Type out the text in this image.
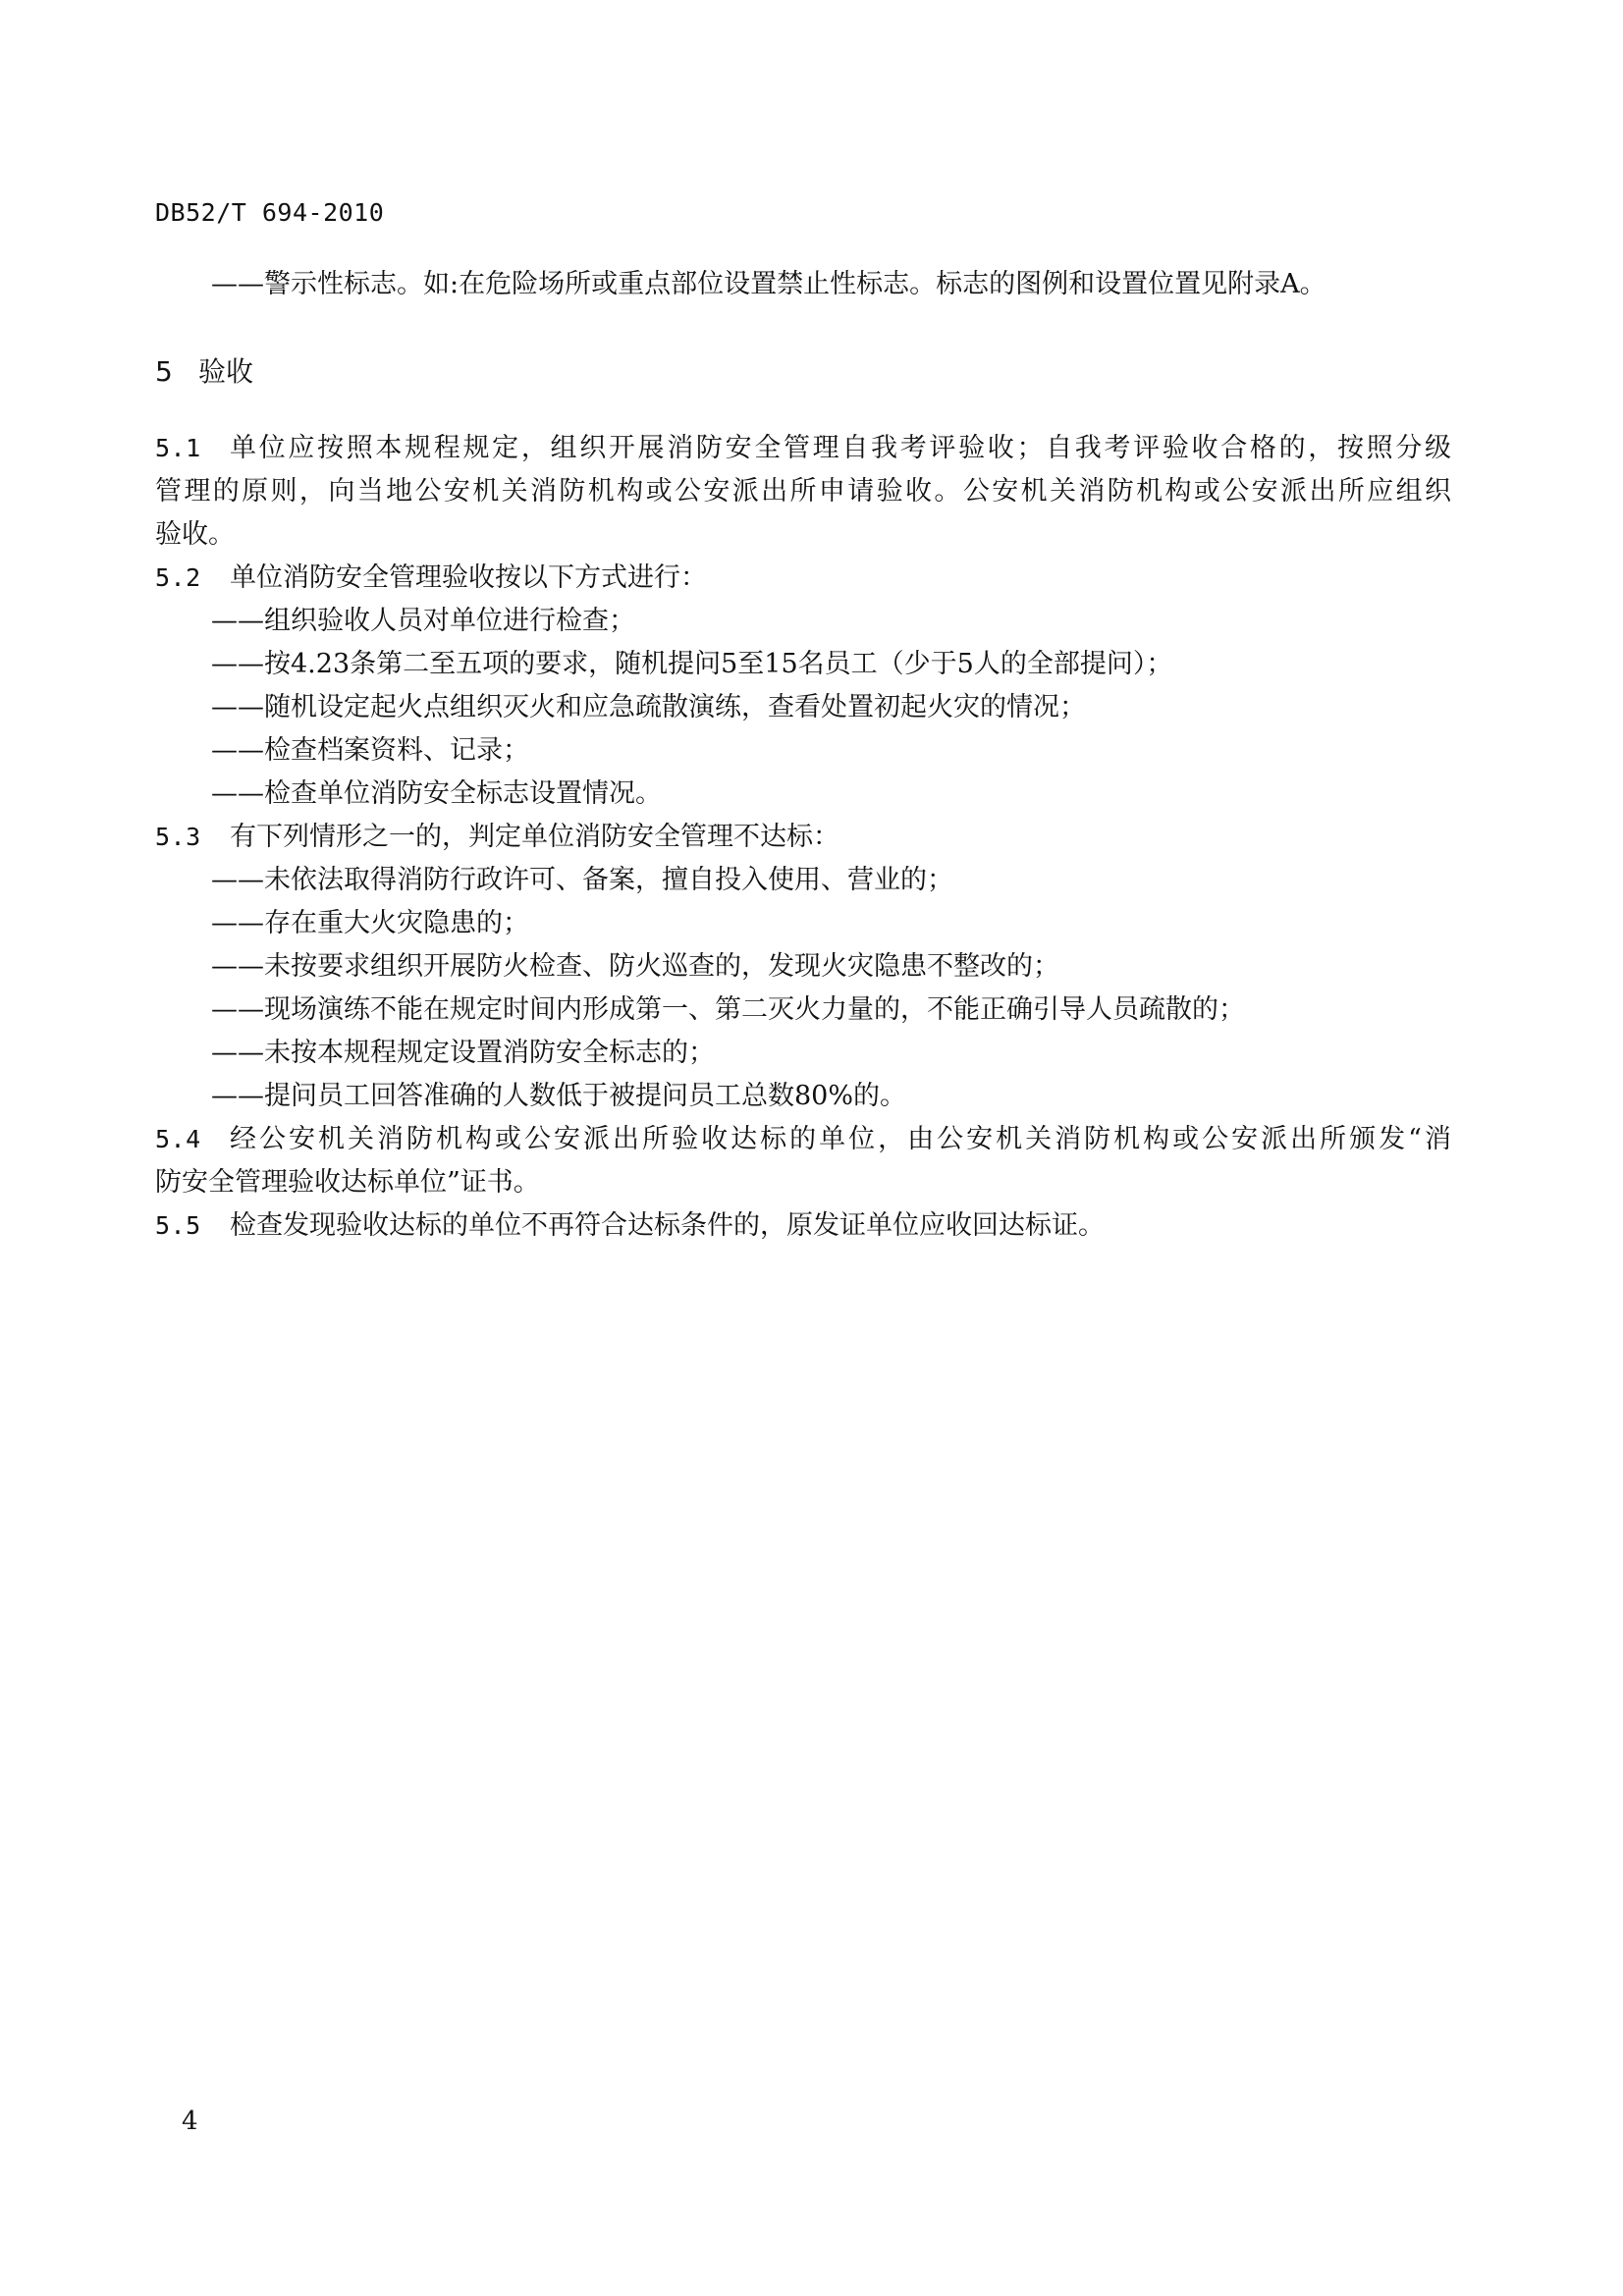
DB52/T 694-2010
——警示性标志。如:在危险场所或重点部位设置禁止性标志。标志的图例和设置位置见附录A。
5 验收
5.1	单位应按照本规程规定，组织开展消防安全管理自我考评验收；自我考评验收合格的，按照分级
管理的原则，向当地公安机关消防机构或公安派出所申请验收。公安机关消防机构或公安派出所应组织
验收。
5.2	单位消防安全管理验收按以下方式进行：
——组织验收人员对单位进行检查；
——按4.23条第二至五项的要求，随机提问5至15名员工（少于5人的全部提问）；
——随机设定起火点组织灭火和应急疏散演练，查看处置初起火灾的情况；
——检查档案资料、记录；
——检查单位消防安全标志设置情况。
5.3	有下列情形之一的，判定单位消防安全管理不达标：
——未依法取得消防行政许可、备案，擅自投入使用、营业的；
——存在重大火灾隐患的；
——未按要求组织开展防火检查、防火巡查的，发现火灾隐患不整改的；
——现场演练不能在规定时间内形成第一、第二灭火力量的，不能正确引导人员疏散的；
——未按本规程规定设置消防安全标志的；
——提问员工回答准确的人数低于被提问员工总数80%的。
5.4	经公安机关消防机构或公安派出所验收达标的单位，由公安机关消防机构或公安派出所颁发“消
防安全管理验收达标单位”证书。
5.5	检查发现验收达标的单位不再符合达标条件的，原发证单位应收回达标证。
4
